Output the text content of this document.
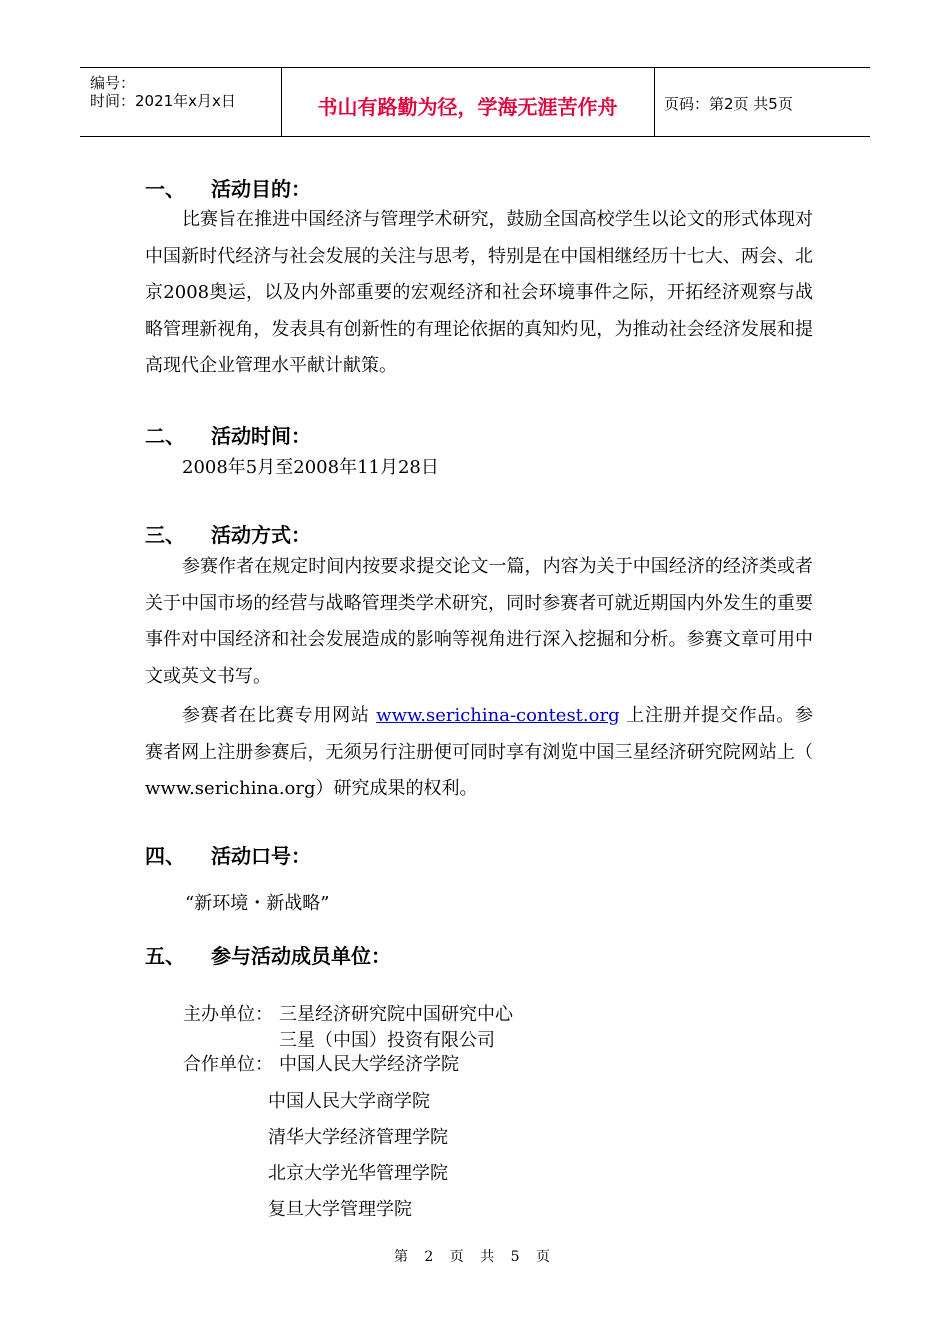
编号：
时间：2021年x月x日	书山有路勤为径，学海无涯苦作舟	页码：第2页 共5页
一、 活动目的：
比赛旨在推进中国经济与管理学术研究，鼓励全国高校学生以论文的形式体现对中国新时代经济与社会发展的关注与思考，特别是在中国相继经历十七大、两会、北京2008奥运，以及内外部重要的宏观经济和社会环境事件之际，开拓经济观察与战略管理新视角，发表具有创新性的有理论依据的真知灼见，为推动社会经济发展和提高现代企业管理水平献计献策。
二、 活动时间：
2008年5月至2008年11月28日
三、 活动方式：
参赛作者在规定时间内按要求提交论文一篇，内容为关于中国经济的经济类或者关于中国市场的经营与战略管理类学术研究，同时参赛者可就近期国内外发生的重要事件对中国经济和社会发展造成的影响等视角进行深入挖掘和分析。参赛文章可用中文或英文书写。
参赛者在比赛专用网站 www.serichina-contest.org 上注册并提交作品。参赛者网上注册参赛后，无须另行注册便可同时享有浏览中国三星经济研究院网站上（ www.serichina.org）研究成果的权利。
四、 活动口号：
“新环境・新战略”
五、 参与活动成员单位：
主办单位： 三星经济研究院中国研究中心
三星（中国）投资有限公司
合作单位： 中国人民大学经济学院
中国人民大学商学院
清华大学经济管理学院
北京大学光华管理学院
复旦大学管理学院
第 2 页 共 5 页
